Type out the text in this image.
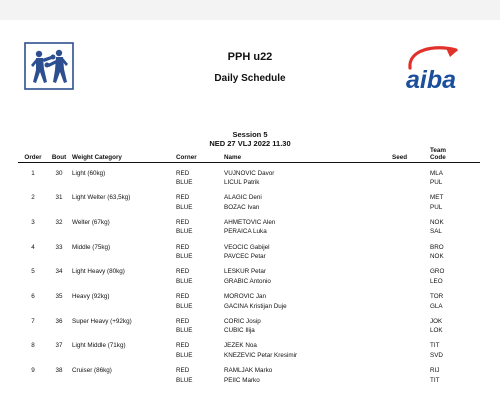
PPH u22
Daily Schedule	aiba
Session 5
NED 27 VLJ 2022 11.30
Order	Bout	Weight Category	Corner	Name	Seed	Team
Code

1	30	Light (60kg)	RED	VUJNOVIC Davor		MLA
			BLUE	LICUL Patrik		PUL

2	31	Light Welter (63,5kg)	RED	ALAGIC Deni		MET
			BLUE	BOZAC Ivan		PUL

3	32	Welter (67kg)	RED	AHMETOVIC Alen		NOK
			BLUE	PERAICA Luka		SAL

4	33	Middle (75kg)	RED	VEOCIC Gabijel		BRO
			BLUE	PAVCEC Petar		NOK

5	34	Light Heavy (80kg)	RED	LESKUR Petar		GRO
			BLUE	GRABIC Antonio		LEO

6	35	Heavy (92kg)	RED	MOROVIC Jan		TOR
			BLUE	GACINA Kristijan Duje		GLA

7	36	Super Heavy (+92kg)	RED	CORIC Josip		JOK
			BLUE	CUBIC Ilija		LOK

8	37	Light Middle (71kg)	RED	JEZEK Noa		TIT
			BLUE	KNEZEVIC Petar Kresimir		SVD

9	38	Cruiser (86kg)	RED	RAMLJAK Marko		RIJ
			BLUE	PEIIC Marko		TIT
